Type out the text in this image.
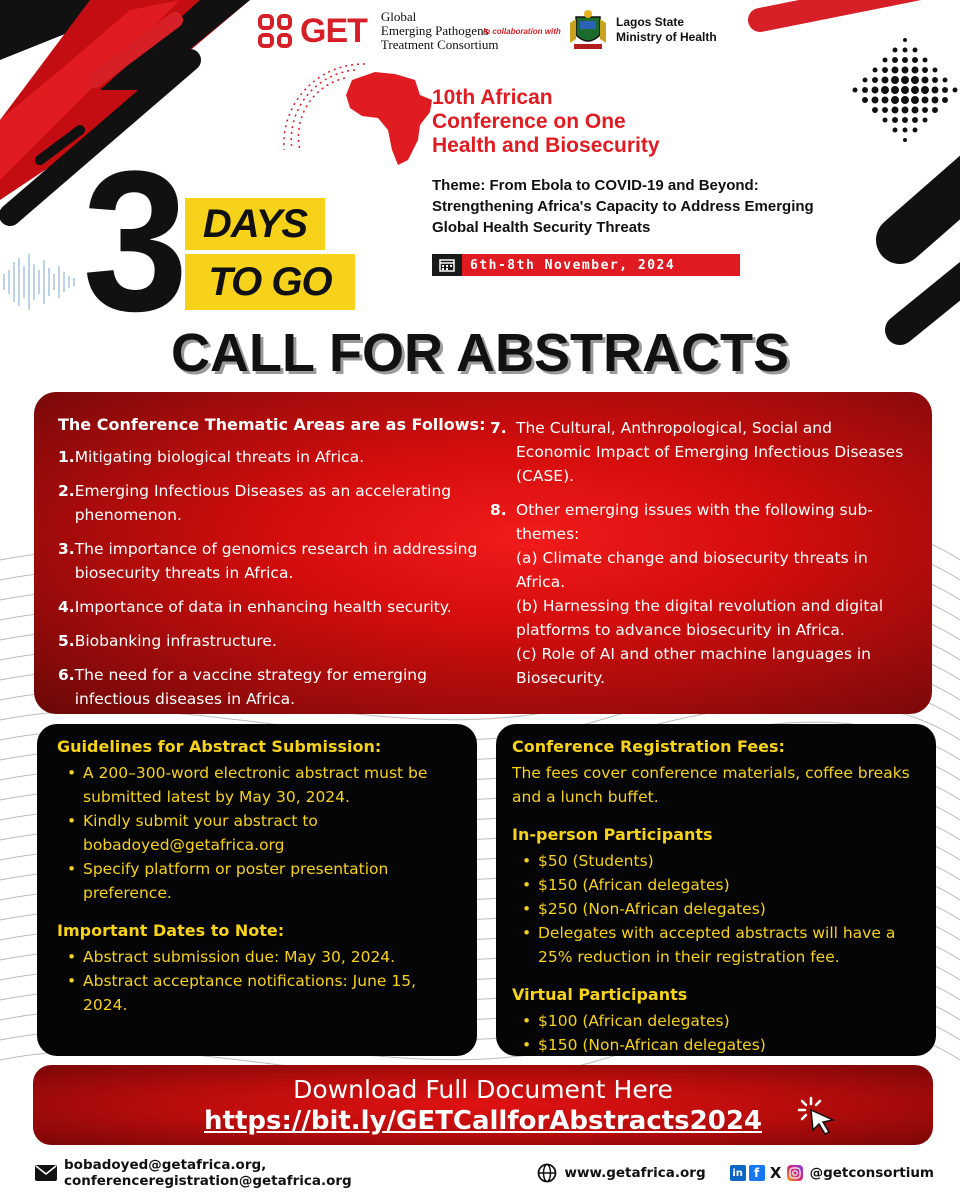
GET Global
Emerging Pathogens
Treatment Consortium
In collaboration with
Lagos State
Ministry of Health
10th African
Conference on One
Health and Biosecurity
Theme: From Ebola to COVID-19 and Beyond:
Strengthening Africa's Capacity to Address Emerging
Global Health Security Threats
6th-8th November, 2024
3 DAYS
TO GO
CALL FOR ABSTRACTS
The Conference Thematic Areas are as Follows:
1. Mitigating biological threats in Africa.
2. Emerging Infectious Diseases as an accelerating phenomenon.
3. The importance of genomics research in addressing biosecurity threats in Africa.
4. Importance of data in enhancing health security.
5. Biobanking infrastructure.
6. The need for a vaccine strategy for emerging infectious diseases in Africa.
7. The Cultural, Anthropological, Social and Economic Impact of Emerging Infectious Diseases (CASE).
8. Other emerging issues with the following sub-themes:
(a) Climate change and biosecurity threats in Africa.
(b) Harnessing the digital revolution and digital platforms to advance biosecurity in Africa.
(c) Role of AI and other machine languages in Biosecurity.
Guidelines for Abstract Submission:
• A 200–300-word electronic abstract must be submitted latest by May 30, 2024.
• Kindly submit your abstract to bobadoyed@getafrica.org
• Specify platform or poster presentation preference.
Important Dates to Note:
• Abstract submission due: May 30, 2024.
• Abstract acceptance notifications: June 15, 2024.
Conference Registration Fees:
The fees cover conference materials, coffee breaks and a lunch buffet.
In-person Participants
• $50 (Students)
• $150 (African delegates)
• $250 (Non-African delegates)
• Delegates with accepted abstracts will have a 25% reduction in their registration fee.
Virtual Participants
• $100 (African delegates)
• $150 (Non-African delegates)
Download Full Document Here
https://bit.ly/GETCallforAbstracts2024
bobadoyed@getafrica.org, conferenceregistration@getafrica.org	www.getafrica.org	in f X @getconsortium
